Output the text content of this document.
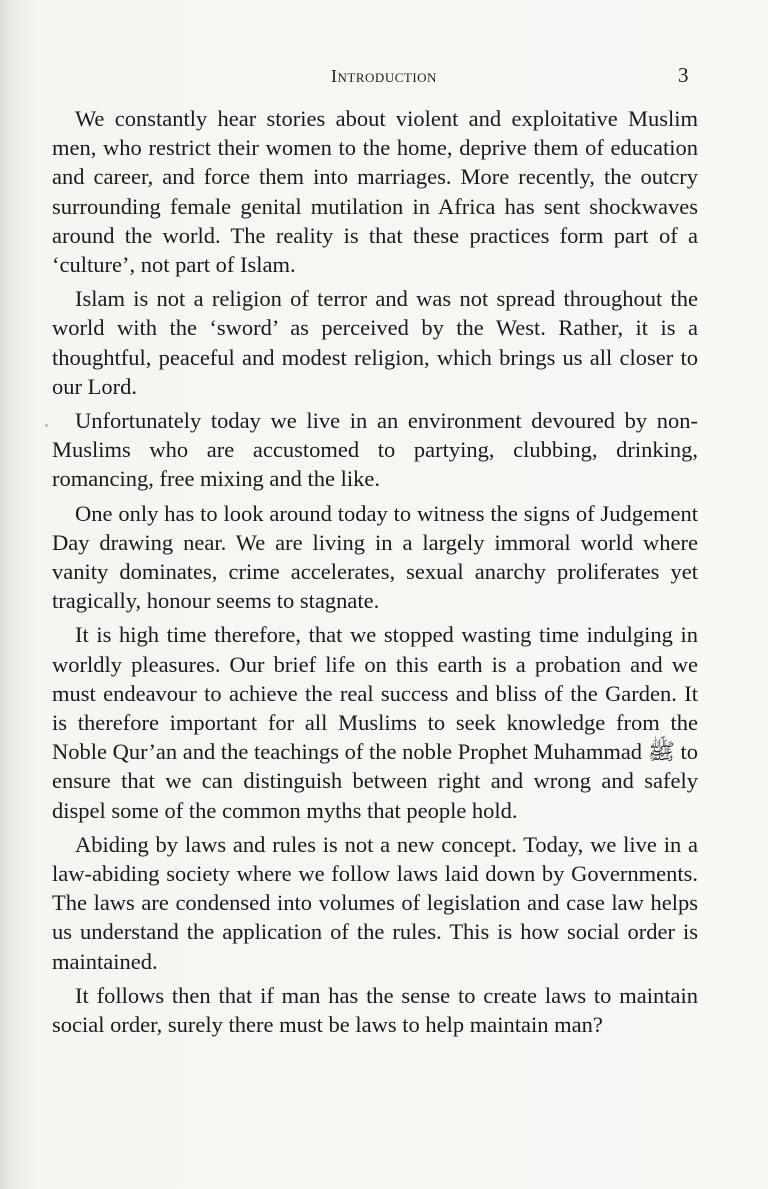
Introduction	3

We constantly hear stories about violent and exploitative Muslim men, who restrict their women to the home, deprive them of education and career, and force them into marriages. More recently, the outcry surrounding female genital mutilation in Africa has sent shockwaves around the world. The reality is that these practices form part of a ‘culture’, not part of Islam.

Islam is not a religion of terror and was not spread throughout the world with the ‘sword’ as perceived by the West. Rather, it is a thoughtful, peaceful and modest religion, which brings us all closer to our Lord.

Unfortunately today we live in an environment devoured by non-Muslims who are accustomed to partying, clubbing, drinking, romancing, free mixing and the like.

One only has to look around today to witness the signs of Judgement Day drawing near. We are living in a largely immoral world where vanity dominates, crime accelerates, sexual anarchy proliferates yet tragically, honour seems to stagnate.

It is high time therefore, that we stopped wasting time indulging in worldly pleasures. Our brief life on this earth is a probation and we must endeavour to achieve the real success and bliss of the Garden. It is therefore important for all Muslims to seek knowledge from the Noble Qur’an and the teachings of the noble Prophet Muhammad ﷺ to ensure that we can distinguish between right and wrong and safely dispel some of the common myths that people hold.

Abiding by laws and rules is not a new concept. Today, we live in a law-abiding society where we follow laws laid down by Governments. The laws are condensed into volumes of legislation and case law helps us understand the application of the rules. This is how social order is maintained.

It follows then that if man has the sense to create laws to maintain social order, surely there must be laws to help maintain man?
